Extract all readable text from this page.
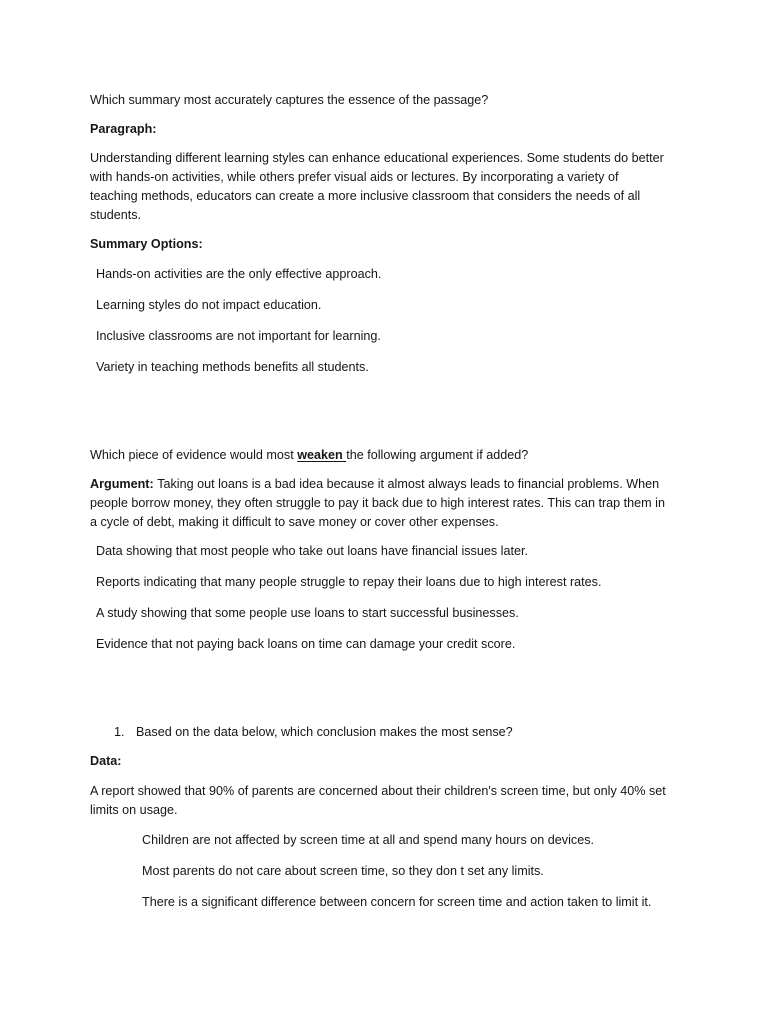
Which summary most accurately captures the essence of the passage?
Paragraph:
Understanding different learning styles can enhance educational experiences. Some students do better
with hands-on activities, while others prefer visual aids or lectures. By incorporating a variety of
teaching methods, educators can create a more inclusive classroom that considers the needs of all
students.
Summary Options:
Hands-on activities are the only effective approach.
Learning styles do not impact education.
Inclusive classrooms are not important for learning.
Variety in teaching methods benefits all students.
Which piece of evidence would most weaken the following argument if added?
Argument: Taking out loans is a bad idea because it almost always leads to financial problems. When
people borrow money, they often struggle to pay it back due to high interest rates. This can trap them in
a cycle of debt, making it difficult to save money or cover other expenses.
Data showing that most people who take out loans have financial issues later.
Reports indicating that many people struggle to repay their loans due to high interest rates.
A study showing that some people use loans to start successful businesses.
Evidence that not paying back loans on time can damage your credit score.
1. Based on the data below, which conclusion makes the most sense?
Data:
A report showed that 90% of parents are concerned about their children's screen time, but only 40% set
limits on usage.
Children are not affected by screen time at all and spend many hours on devices.
Most parents do not care about screen time, so they don t set any limits.
There is a significant difference between concern for screen time and action taken to limit it.
